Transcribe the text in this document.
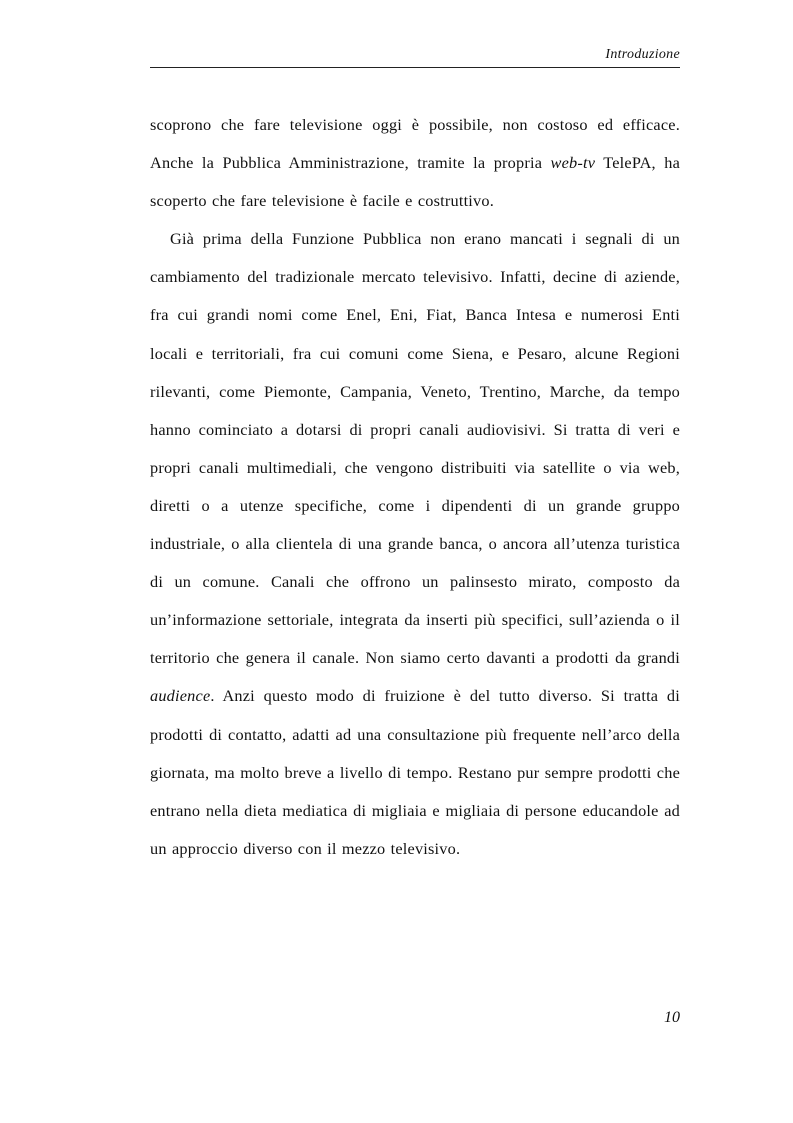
Introduzione

scoprono che fare televisione oggi è possibile, non costoso ed efficace. Anche la Pubblica Amministrazione, tramite la propria web-tv TelePA, ha scoperto che fare televisione è facile e costruttivo.

Già prima della Funzione Pubblica non erano mancati i segnali di un cambiamento del tradizionale mercato televisivo. Infatti, decine di aziende, fra cui grandi nomi come Enel, Eni, Fiat, Banca Intesa e numerosi Enti locali e territoriali, fra cui comuni come Siena, e Pesaro, alcune Regioni rilevanti, come Piemonte, Campania, Veneto, Trentino, Marche, da tempo hanno cominciato a dotarsi di propri canali audiovisivi. Si tratta di veri e propri canali multimediali, che vengono distribuiti via satellite o via web, diretti o a utenze specifiche, come i dipendenti di un grande gruppo industriale, o alla clientela di una grande banca, o ancora all’utenza turistica di un comune. Canali che offrono un palinsesto mirato, composto da un’informazione settoriale, integrata da inserti più specifici, sull’azienda o il territorio che genera il canale. Non siamo certo davanti a prodotti da grandi audience. Anzi questo modo di fruizione è del tutto diverso. Si tratta di prodotti di contatto, adatti ad una consultazione più frequente nell’arco della giornata, ma molto breve a livello di tempo. Restano pur sempre prodotti che entrano nella dieta mediatica di migliaia e migliaia di persone educandole ad un approccio diverso con il mezzo televisivo.

10
